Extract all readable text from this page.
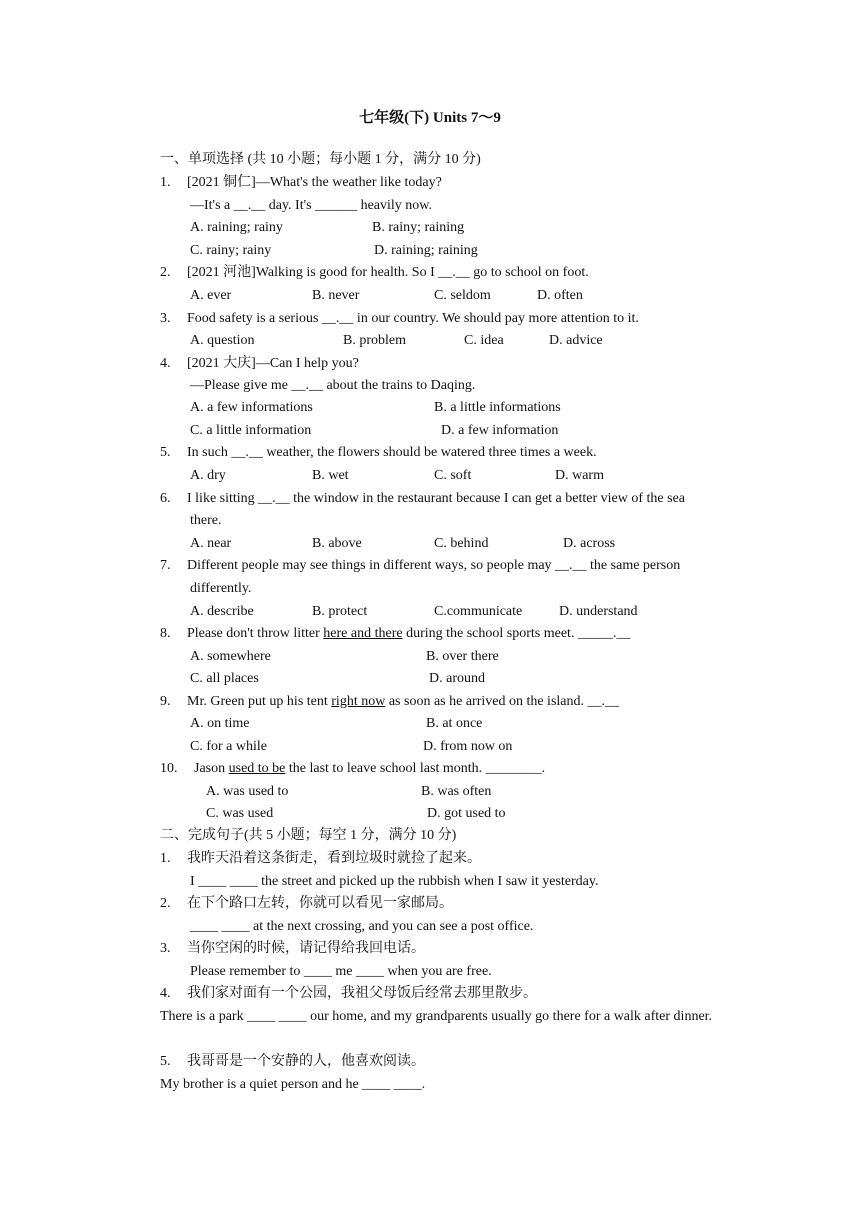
七年级(下) Units 7～9
一、单项选择 (共 10 小题；每小题 1 分，满分 10 分)
1. [2021 铜仁]—What's the weather like today?
—It's a __.__ day. It's ______ heavily now.
A. raining; rainy	B. rainy; raining
C. rainy; rainy	D. raining; raining
2. [2021 河池]Walking is good for health. So I __.__ go to school on foot.
A. ever	B. never	C. seldom	D. often
3. Food safety is a serious __.__ in our country. We should pay more attention to it.
A. question	B. problem	C. idea	D. advice
4. [2021 大庆]—Can I help you?
—Please give me __.__ about the trains to Daqing.
A. a few informations	B. a little informations
C. a little information	D. a few information
5. In such __.__ weather, the flowers should be watered three times a week.
A. dry	B. wet	C. soft	D. warm
6. I like sitting __.__ the window in the restaurant because I can get a better view of the sea
there.
A. near	B. above	C. behind	D. across
7. Different people may see things in different ways, so people may __.__ the same person
differently.
A. describe	B. protect	C.communicate	D. understand
8. Please don't throw litter here and there during the school sports meet. _____.__
A. somewhere	B. over there
C. all places	D. around
9. Mr. Green put up his tent right now as soon as he arrived on the island. __.__
A. on time	B. at once
C. for a while	D. from now on
10. Jason used to be the last to leave school last month. ________.
A. was used to	B. was often
C. was used	D. got used to
二、完成句子(共 5 小题；每空 1 分，满分 10 分)
1. 我昨天沿着这条街走，看到垃圾时就捡了起来。
I ____ ____ the street and picked up the rubbish when I saw it yesterday.
2. 在下个路口左转，你就可以看见一家邮局。
____ ____ at the next crossing, and you can see a post office.
3. 当你空闲的时候，请记得给我回电话。
Please remember to ____ me ____ when you are free.
4. 我们家对面有一个公园，我祖父母饭后经常去那里散步。
There is a park ____ ____ our home, and my grandparents usually go there for a walk after dinner.
5. 我哥哥是一个安静的人，他喜欢阅读。
My brother is a quiet person and he ____ ____.
